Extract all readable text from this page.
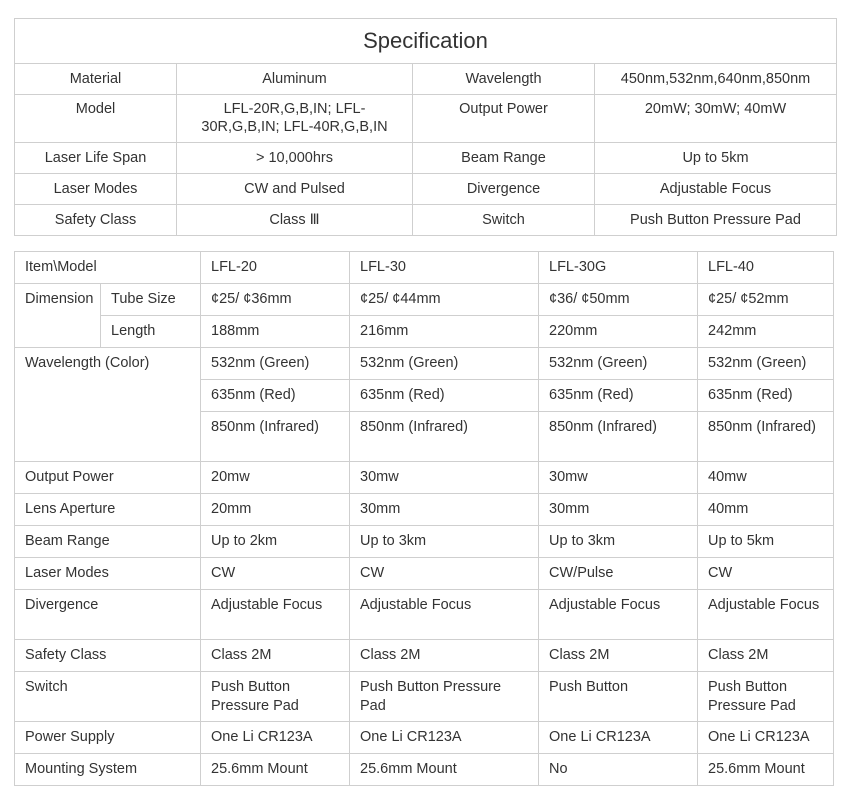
Specification			
Material	Aluminum	Wavelength	450nm,532nm,640nm,850nm
Model	LFL-20R,G,B,IN; LFL-30R,G,B,IN; LFL-40R,G,B,IN	Output Power	20mW; 30mW; 40mW
Laser Life Span	> 10,000hrs	Beam Range	Up to 5km
Laser Modes	CW and Pulsed	Divergence	Adjustable Focus
Safety Class	Class Ⅲ	Switch	Push Button Pressure Pad
Item\Model		LFL-20	LFL-30	LFL-30G	LFL-40
Dimension	Tube Size	¢25/ ¢36mm	¢25/ ¢44mm	¢36/ ¢50mm	¢25/ ¢52mm
	Length	188mm	216mm	220mm	242mm
Wavelength (Color)		532nm (Green)	532nm (Green)	532nm (Green)	532nm (Green)
		635nm (Red)	635nm (Red)	635nm (Red)	635nm (Red)
		850nm (Infrared)	850nm (Infrared)	850nm (Infrared)	850nm (Infrared)
Output Power		20mw	30mw	30mw	40mw
Lens Aperture		20mm	30mm	30mm	40mm
Beam Range		Up to 2km	Up to 3km	Up to 3km	Up to 5km
Laser Modes		CW	CW	CW/Pulse	CW
Divergence		Adjustable Focus	Adjustable Focus	Adjustable Focus	Adjustable Focus
Safety Class		Class 2M	Class 2M	Class 2M	Class 2M
Switch		Push Button Pressure Pad	Push Button Pressure Pad	Push Button	Push Button Pressure Pad
Power Supply		One Li CR123A	One Li CR123A	One Li CR123A	One Li CR123A
Mounting System		25.6mm Mount	25.6mm Mount	No	25.6mm Mount
